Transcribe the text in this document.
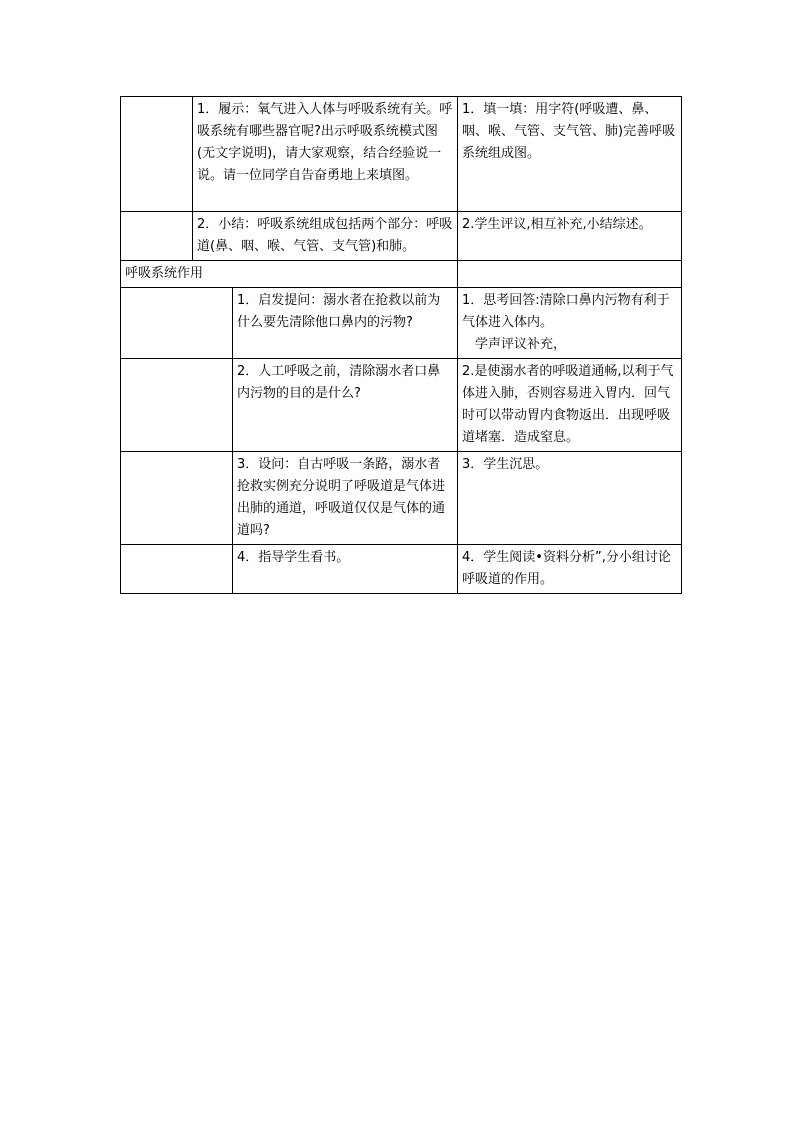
	1．履示：氧气进入人体与呼吸系统有关。呼吸系统有哪些器官呢?出示呼吸系统模式图(无文字说明)，请大家观察，结合经验说一说。请一位同学自告奋勇地上来填图。		1．填一填：用字符(呼吸遭、鼻、咽、喉、气管、支气管、肺)完善呼吸系统组成图。

	2．小结：呼吸系统组成包括两个部分：呼吸道(鼻、咽、喉、气管、支气管)和肺。		2.学生评议,相互补充,小结综述。

呼吸系统作用			

		1．启发提问：溺水者在抢救以前为什么要先清除他口鼻内的污物?	1．思考回答:清除口鼻内污物有利于气体进入体内。
　学声评议补充，

		2．人工呼吸之前，清除溺水者口鼻内污物的目的是什么?	2.是使溺水者的呼吸道通畅,以利于气体进入肺，否则容易进入胃内．回气时可以带动胃内食物返出．出现呼吸道堵塞．造成窒息。

		3．设问：自古呼吸一条路，溺水者抢救实例充分说明了呼吸道是气体进出肺的通道，呼吸道仅仅是气体的通道吗?	3．学生沉思。

		4．指导学生看书。	4．学生阅读•资料分析”,分小组讨论呼吸道的作用。
